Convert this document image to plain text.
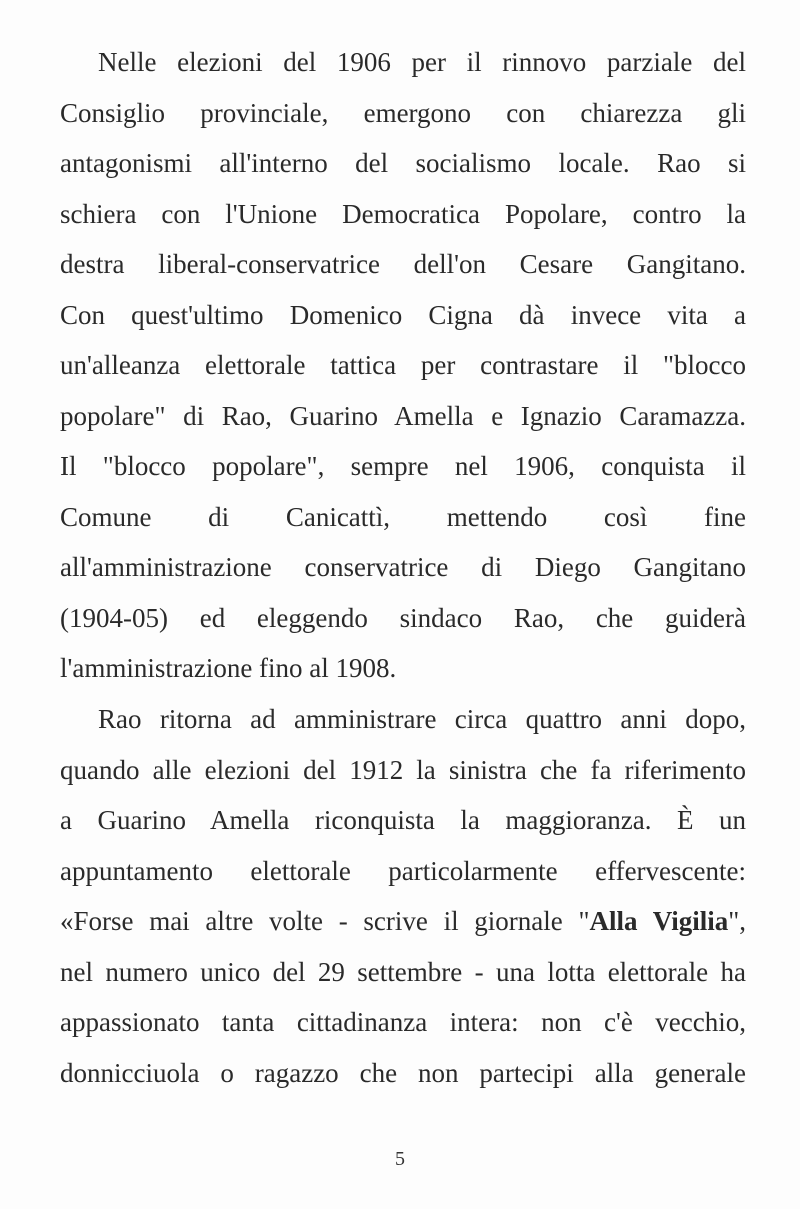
Nelle elezioni del 1906 per il rinnovo parziale del
Consiglio provinciale, emergono con chiarezza gli
antagonismi all'interno del socialismo locale. Rao si
schiera con l'Unione Democratica Popolare, contro la
destra liberal-conservatrice dell'on Cesare Gangitano.
Con quest'ultimo Domenico Cigna dà invece vita a
un'alleanza elettorale tattica per contrastare il "blocco
popolare" di Rao, Guarino Amella e Ignazio Caramazza.
Il "blocco popolare", sempre nel 1906, conquista il
Comune di Canicattì, mettendo così fine
all'amministrazione conservatrice di Diego Gangitano
(1904-05) ed eleggendo sindaco Rao, che guiderà
l'amministrazione fino al 1908.
Rao ritorna ad amministrare circa quattro anni dopo,
quando alle elezioni del 1912 la sinistra che fa riferimento
a Guarino Amella riconquista la maggioranza. È un
appuntamento elettorale particolarmente effervescente:
«Forse mai altre volte - scrive il giornale "Alla Vigilia",
nel numero unico del 29 settembre - una lotta elettorale ha
appassionato tanta cittadinanza intera: non c'è vecchio,
donnicciuola o ragazzo che non partecipi alla generale
5
